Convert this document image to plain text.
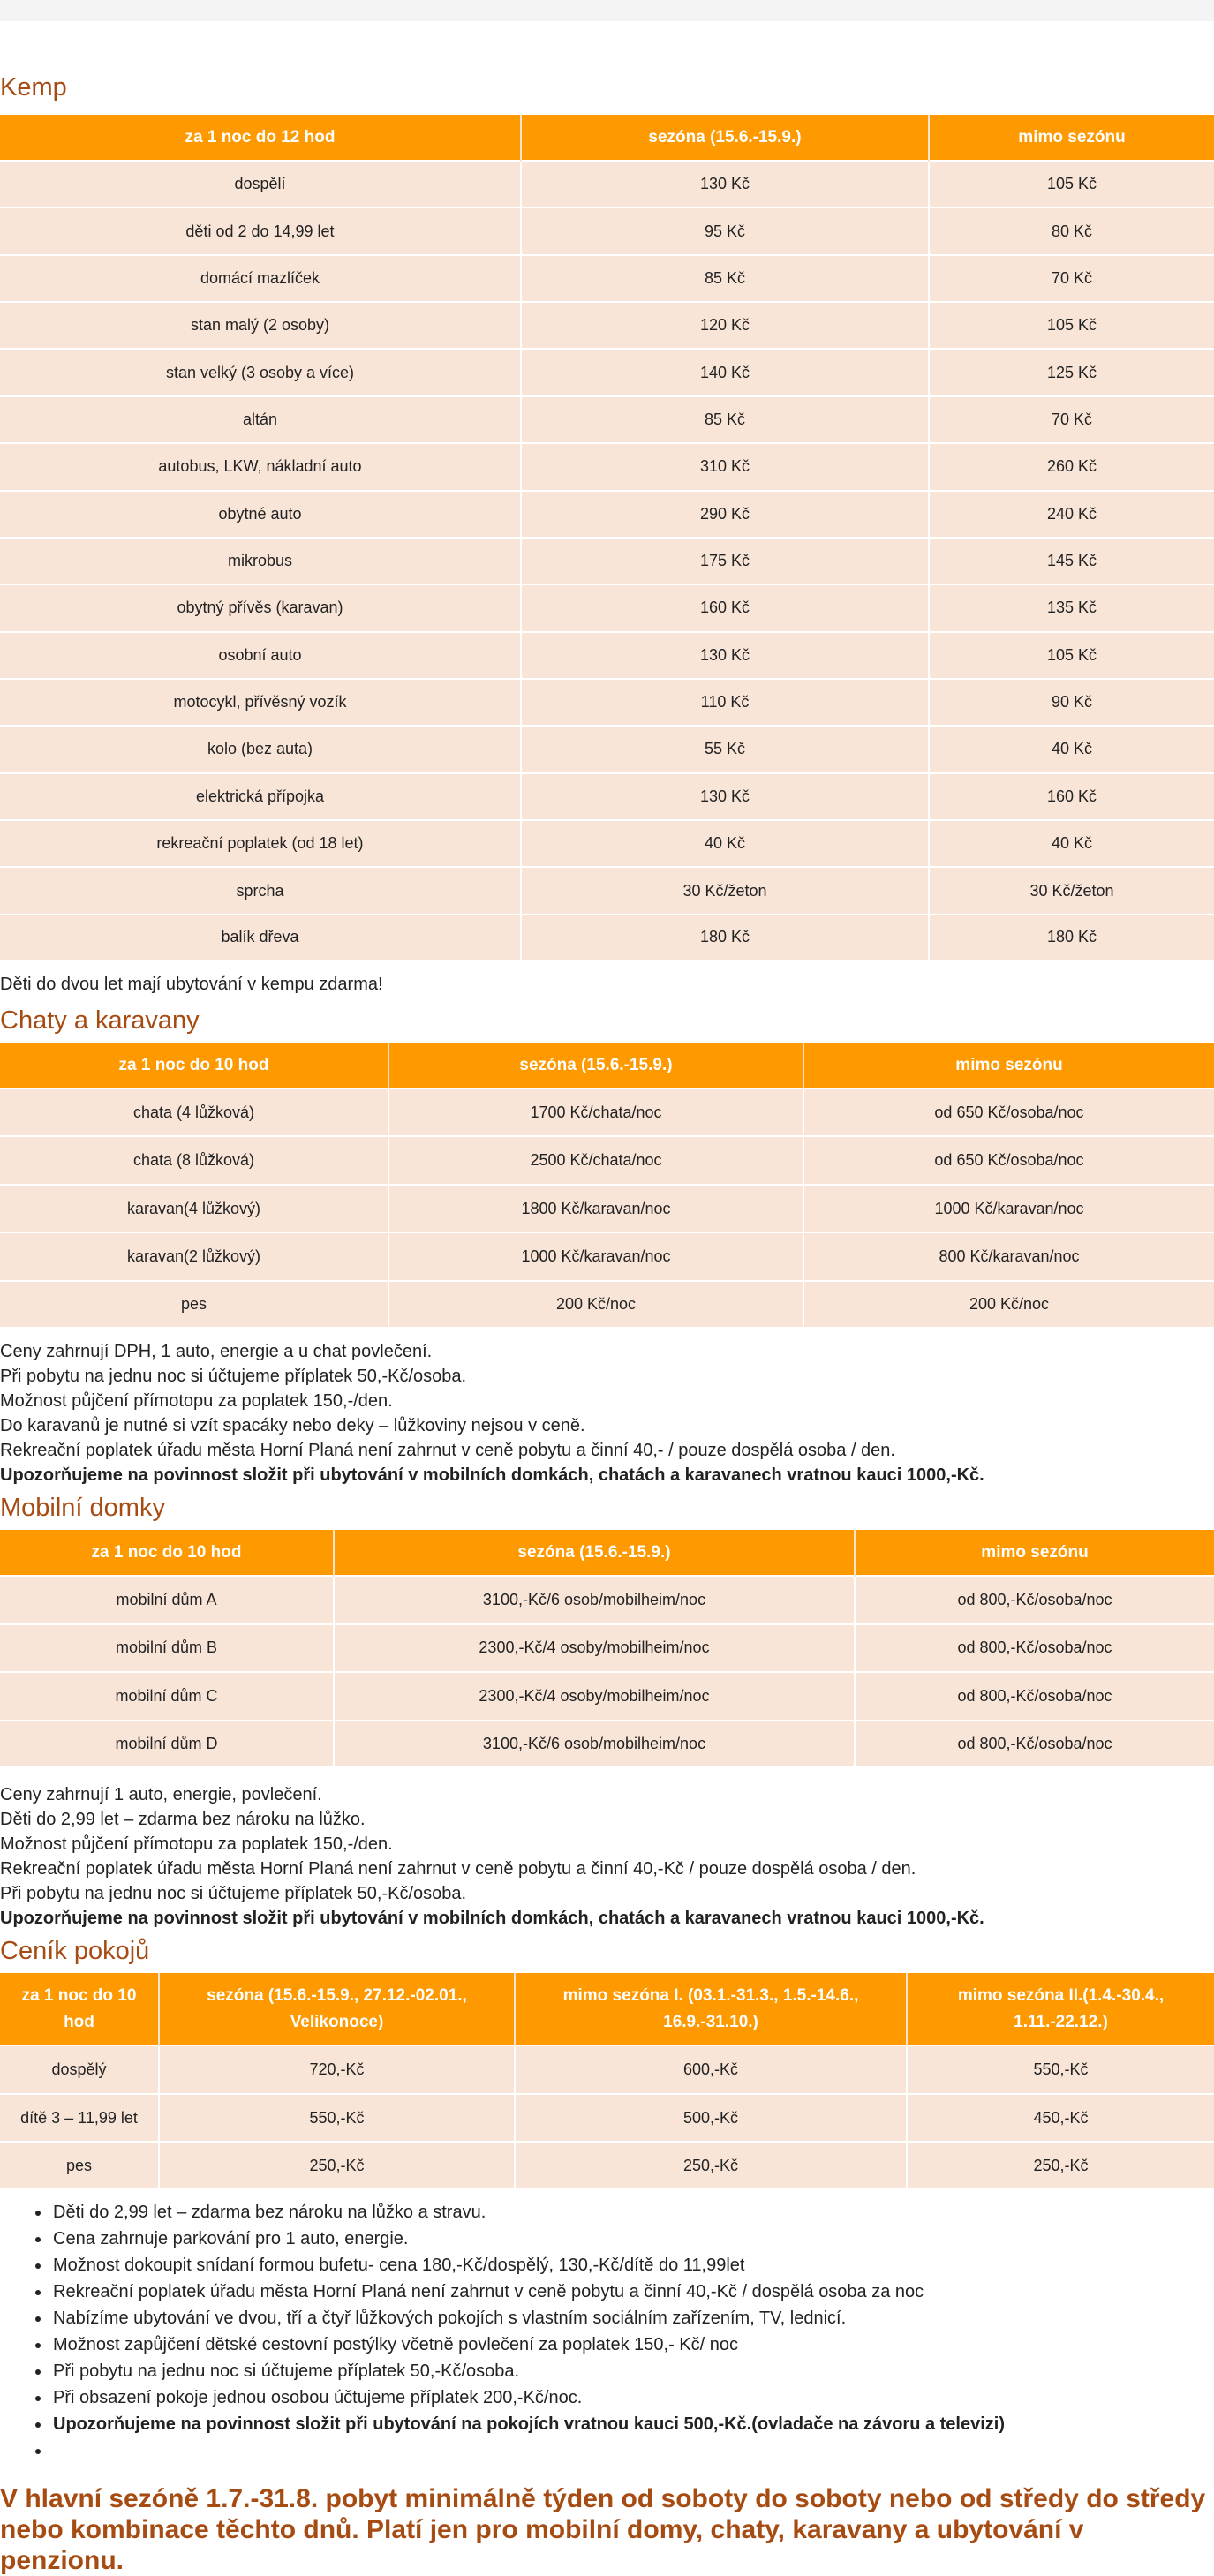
Kemp
za 1 noc do 12 hod	sezóna (15.6.-15.9.)	mimo sezónu
dospělí	130 Kč	105 Kč
děti od 2 do 14,99 let	95 Kč	80 Kč
domácí mazlíček	85 Kč	70 Kč
stan malý (2 osoby)	120 Kč	105 Kč
stan velký (3 osoby a více)	140 Kč	125 Kč
altán	85 Kč	70 Kč
autobus, LKW, nákladní auto	310 Kč	260 Kč
obytné auto	290 Kč	240 Kč
mikrobus	175 Kč	145 Kč
obytný přívěs (karavan)	160 Kč	135 Kč
osobní auto	130 Kč	105 Kč
motocykl, přívěsný vozík	110 Kč	90 Kč
kolo (bez auta)	55 Kč	40 Kč
elektrická přípojka	130 Kč	160 Kč
rekreační poplatek (od 18 let)	40 Kč	40 Kč
sprcha	30 Kč/žeton	30 Kč/žeton
balík dřeva	180 Kč	180 Kč

Děti do dvou let mají ubytování v kempu zdarma!

Chaty a karavany
za 1 noc do 10 hod	sezóna (15.6.-15.9.)	mimo sezónu
chata (4 lůžková)	1700 Kč/chata/noc	od 650 Kč/osoba/noc
chata (8 lůžková)	2500 Kč/chata/noc	od 650 Kč/osoba/noc
karavan(4 lůžkový)	1800 Kč/karavan/noc	1000 Kč/karavan/noc
karavan(2 lůžkový)	1000 Kč/karavan/noc	800 Kč/karavan/noc
pes	200 Kč/noc	200 Kč/noc

Ceny zahrnují DPH, 1 auto, energie a u chat povlečení.

Při pobytu na jednu noc si účtujeme příplatek 50,-Kč/osoba.

Možnost půjčení přímotopu za poplatek 150,-/den.

Do karavanů je nutné si vzít spacáky nebo deky – lůžkoviny nejsou v ceně.

Rekreační poplatek úřadu města Horní Planá není zahrnut v ceně pobytu a činní 40,- / pouze dospělá osoba / den.

Upozorňujeme na povinnost složit při ubytování v mobilních domkách, chatách a karavanech vratnou kauci 1000,-Kč.

Mobilní domky
za 1 noc do 10 hod	sezóna (15.6.-15.9.)	mimo sezónu
mobilní dům A	3100,-Kč/6 osob/mobilheim/noc	od 800,-Kč/osoba/noc
mobilní dům B	2300,-Kč/4 osoby/mobilheim/noc	od 800,-Kč/osoba/noc
mobilní dům C	2300,-Kč/4 osoby/mobilheim/noc	od 800,-Kč/osoba/noc
mobilní dům D	3100,-Kč/6 osob/mobilheim/noc	od 800,-Kč/osoba/noc

Ceny zahrnují 1 auto, energie, povlečení.

Děti do 2,99 let – zdarma bez nároku na lůžko.

Možnost půjčení přímotopu za poplatek 150,-/den.

Rekreační poplatek úřadu města Horní Planá není zahrnut v ceně pobytu a činní 40,-Kč / pouze dospělá osoba / den.

Při pobytu na jednu noc si účtujeme příplatek 50,-Kč/osoba.

Upozorňujeme na povinnost složit při ubytování v mobilních domkách, chatách a karavanech vratnou kauci 1000,-Kč.

Ceník pokojů
za 1 noc do 10 hod	sezóna (15.6.-15.9., 27.12.-02.01., Velikonoce)	mimo sezóna I. (03.1.-31.3., 1.5.-14.6., 16.9.-31.10.)	mimo sezóna II.(1.4.-30.4., 1.11.-22.12.)
dospělý	720,-Kč	600,-Kč	550,-Kč
dítě 3 – 11,99 let	550,-Kč	500,-Kč	450,-Kč
pes	250,-Kč	250,-Kč	250,-Kč
• Děti do 2,99 let – zdarma bez nároku na lůžko a stravu.
• Cena zahrnuje parkování pro 1 auto, energie.
• Možnost dokoupit snídaní formou bufetu- cena 180,-Kč/dospělý, 130,-Kč/dítě do 11,99let
• Rekreační poplatek úřadu města Horní Planá není zahrnut v ceně pobytu a činní 40,-Kč / dospělá osoba za noc
• Nabízíme ubytování ve dvou, tří a čtyř lůžkových pokojích s vlastním sociálním zařízením, TV, lednicí.
• Možnost zapůjčení dětské cestovní postýlky včetně povlečení za poplatek 150,- Kč/ noc
• Při pobytu na jednu noc si účtujeme příplatek 50,-Kč/osoba.
• Při obsazení pokoje jednou osobou účtujeme příplatek 200,-Kč/noc.
• Upozorňujeme na povinnost složit při ubytování na pokojích vratnou kauci 500,-Kč.(ovladače na závoru a televizi)
•

V hlavní sezóně 1.7.-31.8. pobyt minimálně týden od soboty do soboty nebo od středy do středy nebo kombinace těchto dnů. Platí jen pro mobilní domy, chaty, karavany a ubytování v penzionu.
